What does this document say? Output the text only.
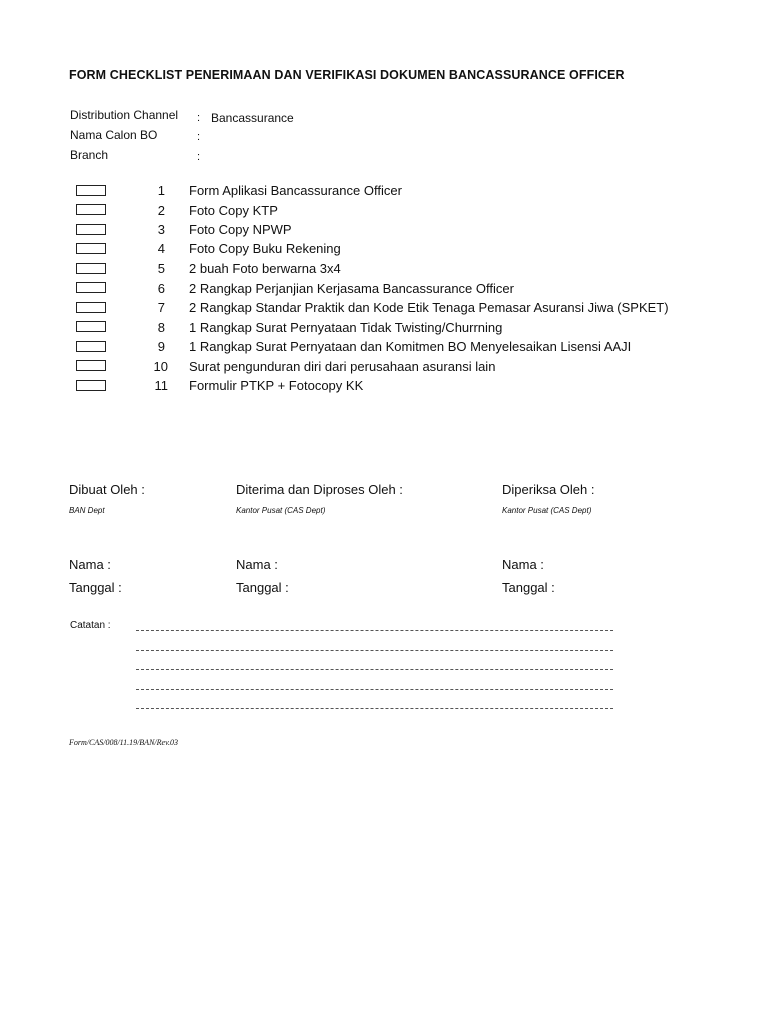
FORM CHECKLIST PENERIMAAN DAN VERIFIKASI DOKUMEN BANCASSURANCE OFFICER
Distribution Channel : Bancassurance
Nama Calon BO	:
Branch	:
1 Form Aplikasi Bancassurance Officer
2 Foto Copy KTP
3 Foto Copy NPWP
4 Foto Copy Buku Rekening
5 2 buah Foto berwarna 3x4
6 2 Rangkap Perjanjian Kerjasama Bancassurance Officer
7 2 Rangkap Standar Praktik dan Kode Etik Tenaga Pemasar Asuransi Jiwa (SPKET)
8 1 Rangkap Surat Pernyataan Tidak Twisting/Churrning
9 1 Rangkap Surat Pernyataan dan Komitmen BO Menyelesaikan Lisensi AAJI
10 Surat pengunduran diri dari perusahaan asuransi lain
11 Formulir PTKP + Fotocopy KK
Dibuat Oleh :
BAN Dept
Nama :
Tanggal :
Diterima dan Diproses Oleh :
Kantor Pusat (CAS Dept)
Nama :
Tanggal :
Diperiksa Oleh :
Kantor Pusat (CAS Dept)
Nama :
Tanggal :
Catatan :
Form/CAS/008/11.19/BAN/Rev.03
